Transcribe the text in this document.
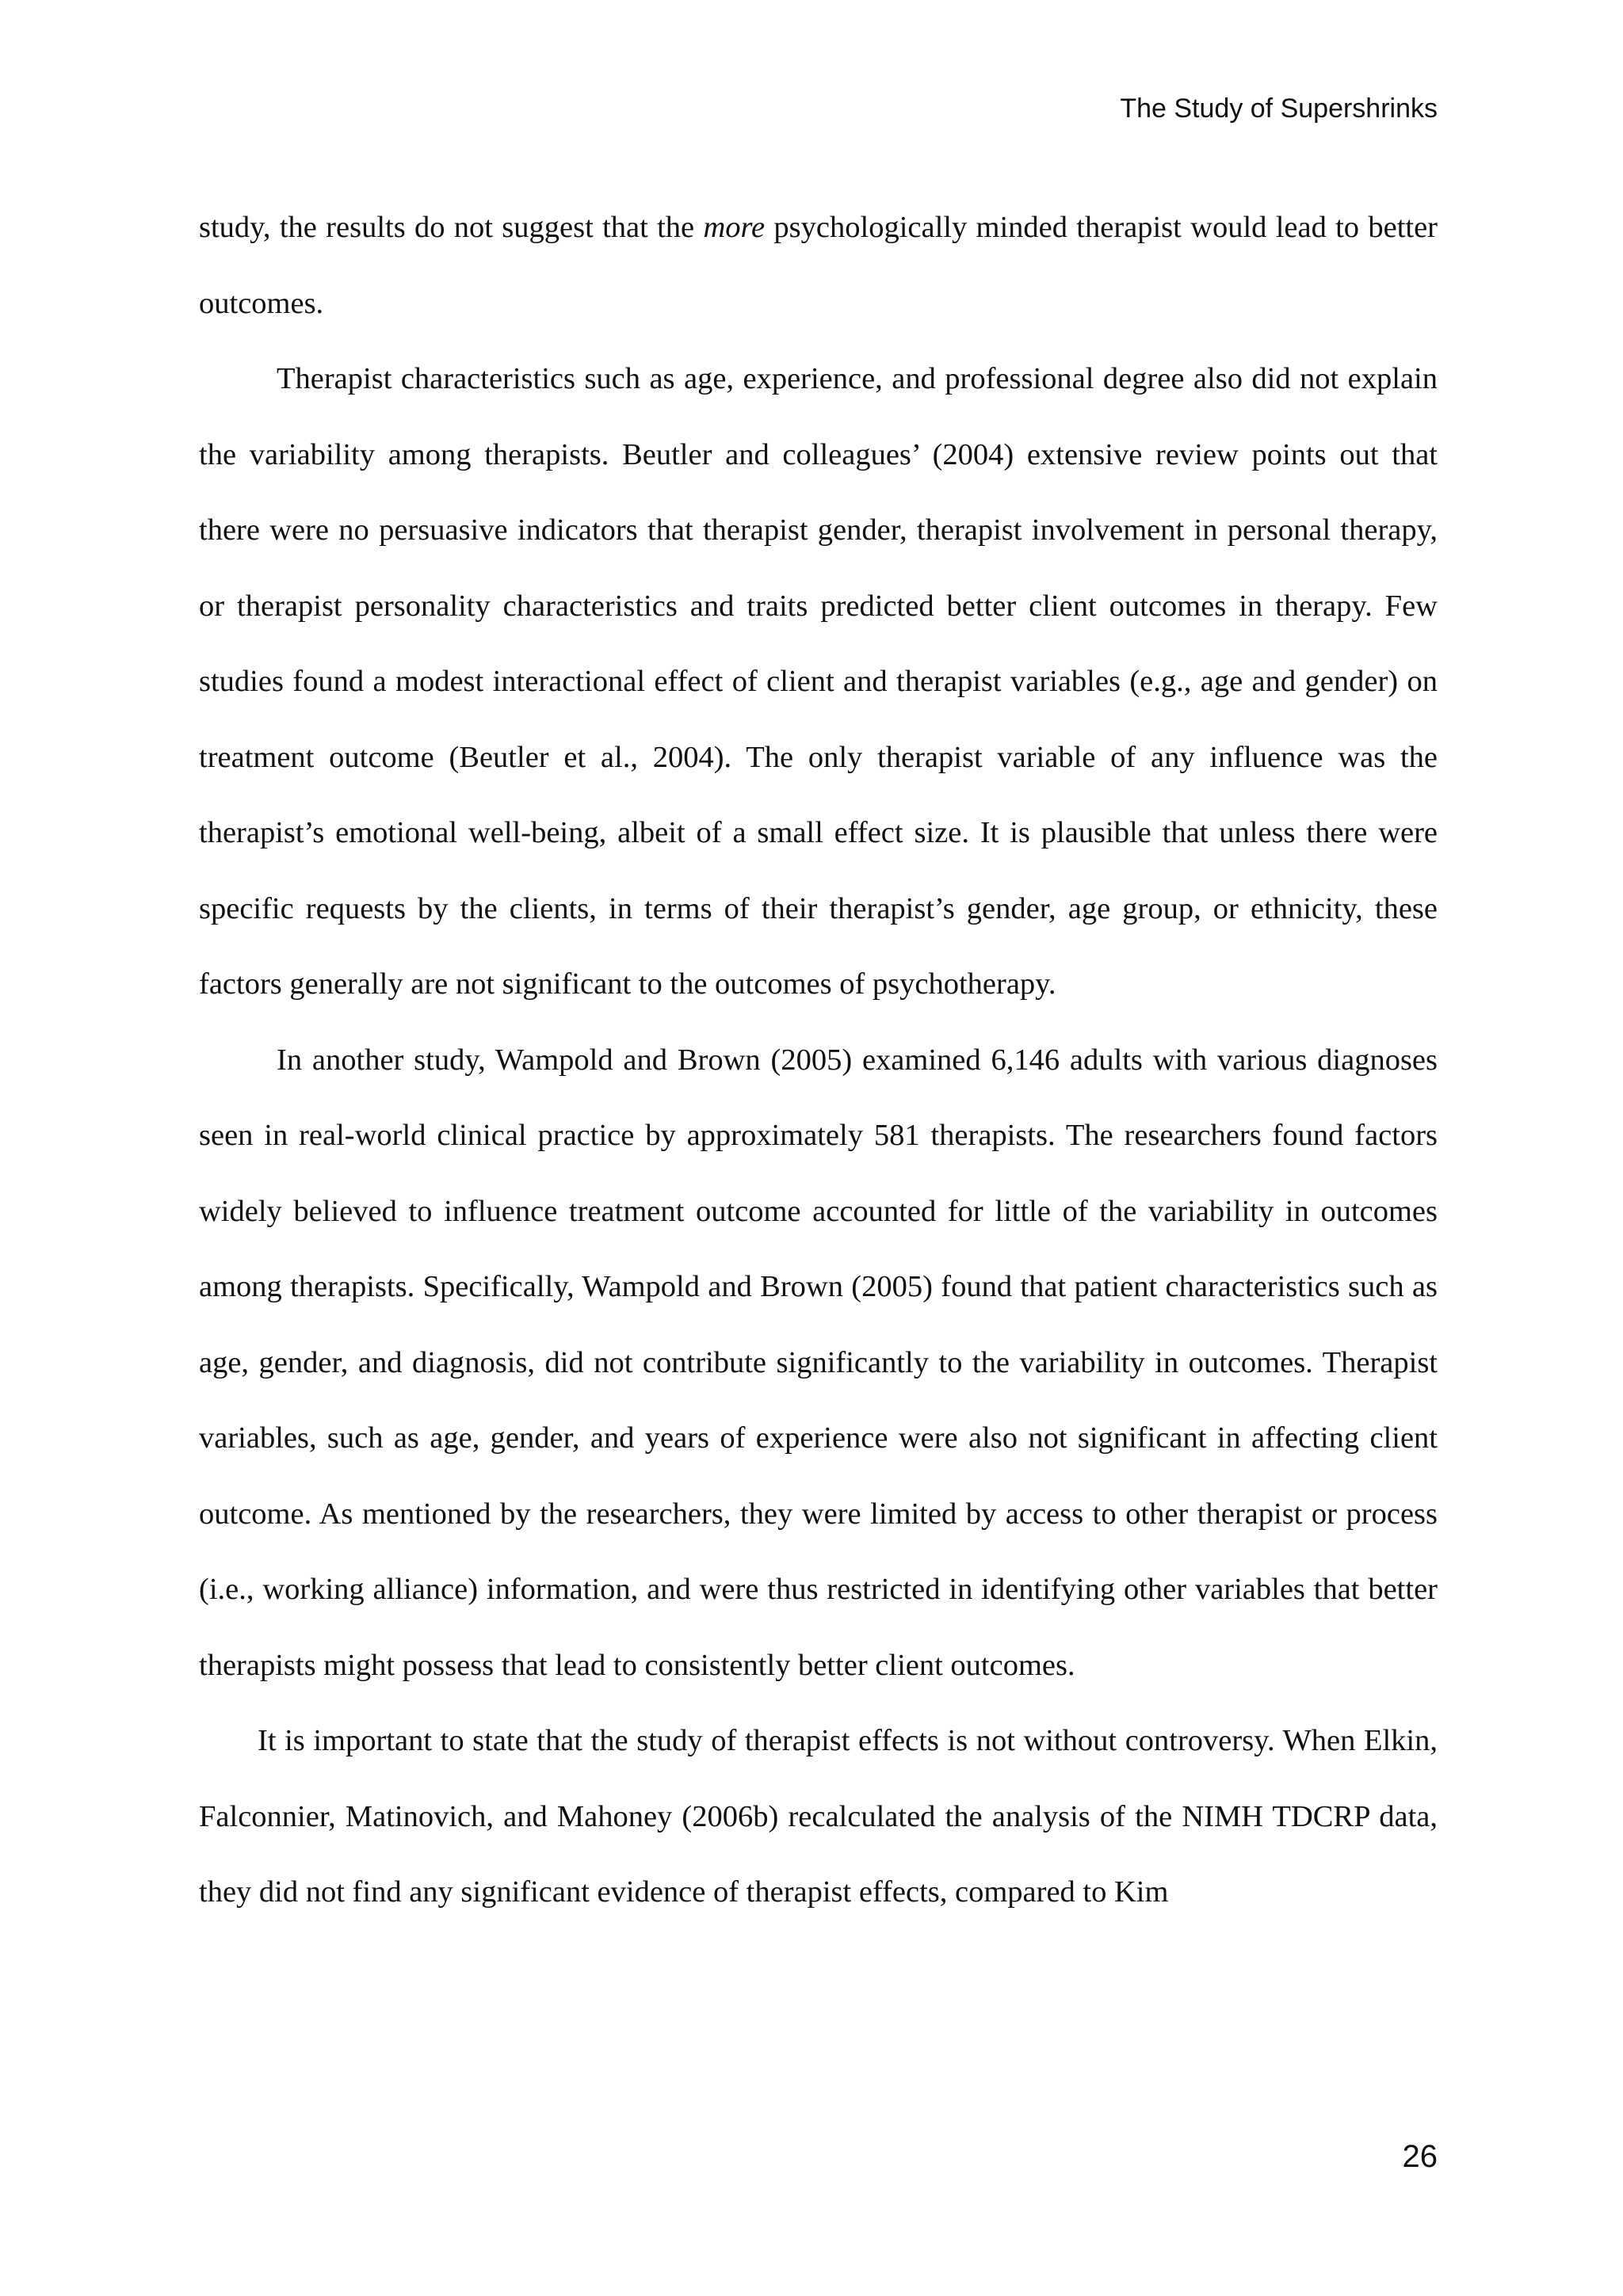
The Study of Supershrinks

study, the results do not suggest that the more psychologically minded therapist would lead to better outcomes.

Therapist characteristics such as age, experience, and professional degree also did not explain the variability among therapists. Beutler and colleagues’ (2004) extensive review points out that there were no persuasive indicators that therapist gender, therapist involvement in personal therapy, or therapist personality characteristics and traits predicted better client outcomes in therapy. Few studies found a modest interactional effect of client and therapist variables (e.g., age and gender) on treatment outcome (Beutler et al., 2004). The only therapist variable of any influence was the therapist’s emotional well-being, albeit of a small effect size. It is plausible that unless there were specific requests by the clients, in terms of their therapist’s gender, age group, or ethnicity, these factors generally are not significant to the outcomes of psychotherapy.

In another study, Wampold and Brown (2005) examined 6,146 adults with various diagnoses seen in real-world clinical practice by approximately 581 therapists. The researchers found factors widely believed to influence treatment outcome accounted for little of the variability in outcomes among therapists. Specifically, Wampold and Brown (2005) found that patient characteristics such as age, gender, and diagnosis, did not contribute significantly to the variability in outcomes. Therapist variables, such as age, gender, and years of experience were also not significant in affecting client outcome. As mentioned by the researchers, they were limited by access to other therapist or process (i.e., working alliance) information, and were thus restricted in identifying other variables that better therapists might possess that lead to consistently better client outcomes.

It is important to state that the study of therapist effects is not without controversy. When Elkin, Falconnier, Matinovich, and Mahoney (2006b) recalculated the analysis of the NIMH TDCRP data, they did not find any significant evidence of therapist effects, compared to Kim

26
